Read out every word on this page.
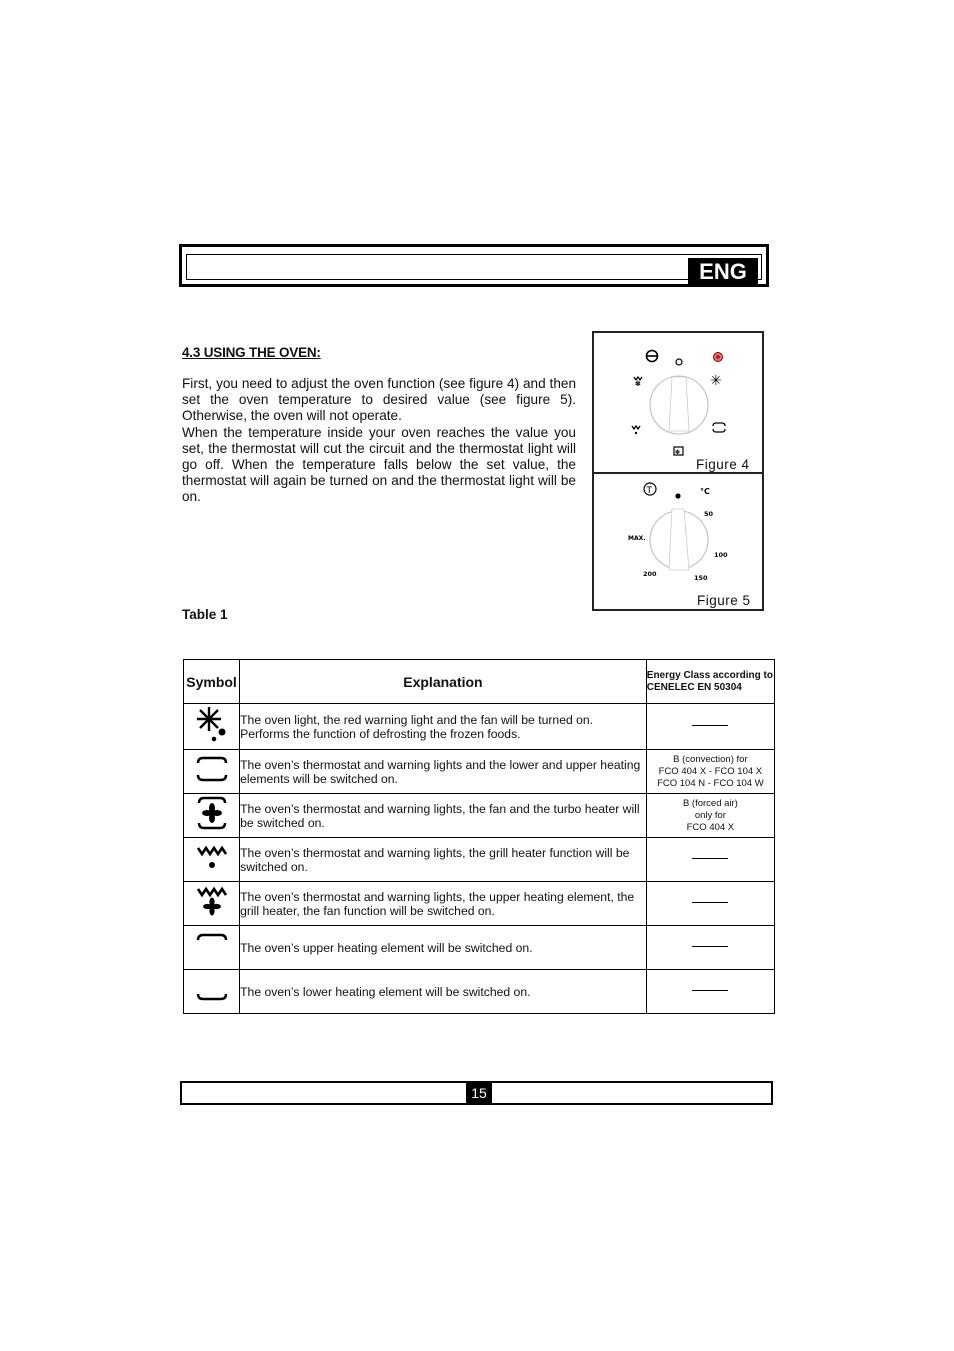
ENG
4.3 USING THE OVEN:

First, you need to adjust the oven function (see figure 4) and then set the oven temperature to desired value (see figure 5). Otherwise, the oven will not operate.

When the temperature inside your oven reaches the value you set, the thermostat will cut the circuit and the thermostat light will go off. When the temperature falls below the set value, the thermostat will again be turned on and the thermostat light will be on.

✽	✳
✽
Figure 4
T	°C
50
MAX.
100
200	150
Figure 5
Table 1
Symbol	Explanation	Energy Class according to
CENELEC EN 50304
	The oven light, the red warning light and the fan will be turned on. Performs the function of defrosting the frozen foods.	
	The oven’s thermostat and warning lights and the lower and upper heating elements will be switched on.	B (convection) for
FCO 404 X - FCO 104 X
FCO 104 N - FCO 104 W

	The oven’s thermostat and warning lights, the fan and the turbo heater will be switched on.	B (forced air)
only for
FCO 404 X

	The oven’s thermostat and warning lights, the grill heater function will be switched on.	
	The oven’s thermostat and warning lights, the upper heating element, the grill heater, the fan function will be switched on.	
	The oven’s upper heating element will be switched on.	
	The oven’s lower heating element will be switched on.	
15
